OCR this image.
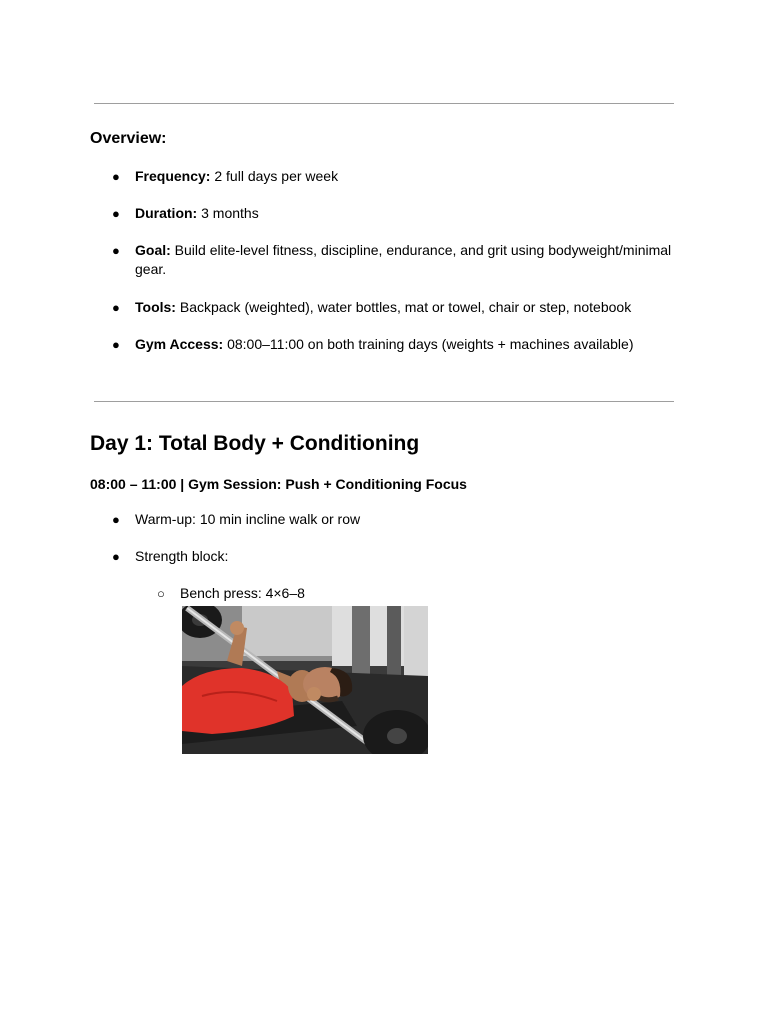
Overview:
● Frequency: 2 full days per week
● Duration: 3 months
● Goal: Build elite-level fitness, discipline, endurance, and grit using bodyweight/minimal gear.
● Tools: Backpack (weighted), water bottles, mat or towel, chair or step, notebook
● Gym Access: 08:00–11:00 on both training days (weights + machines available)
Day 1: Total Body + Conditioning
08:00 – 11:00 | Gym Session: Push + Conditioning Focus
● Warm-up: 10 min incline walk or row
● Strength block:
○ Bench press: 4×6–8
